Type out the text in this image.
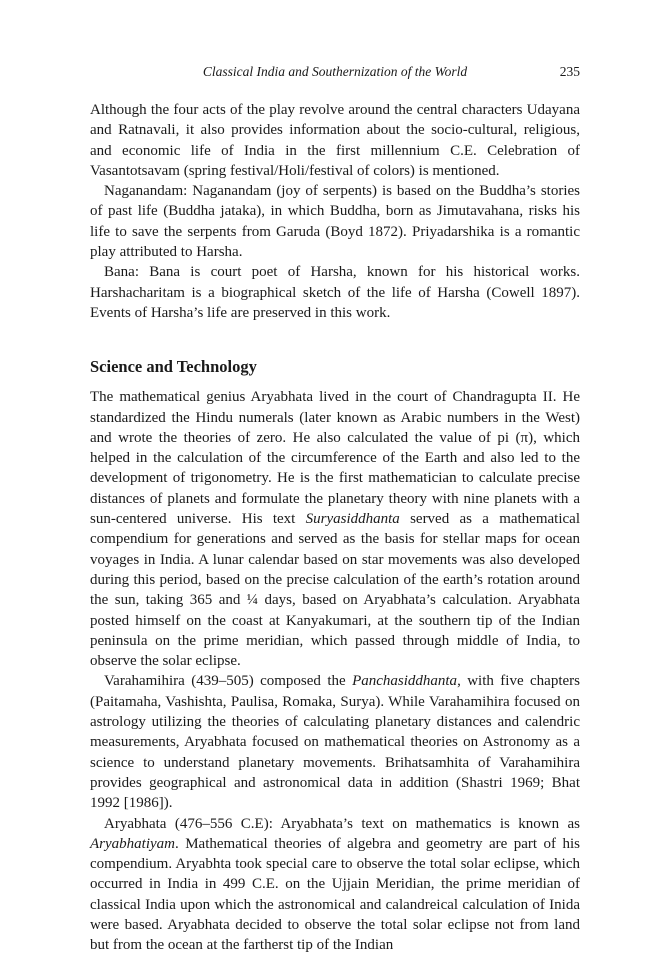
Classical India and Southernization of the World	235

Although the four acts of the play revolve around the central characters Udayana and Ratnavali, it also provides information about the socio-cultural, religious, and economic life of India in the first millennium C.E. Celebration of Vasantotsavam (spring festival/Holi/festival of colors) is mentioned.

Naganandam: Naganandam (joy of serpents) is based on the Buddha’s stories of past life (Buddha jataka), in which Buddha, born as Jimutavahana, risks his life to save the serpents from Garuda (Boyd 1872). Priyadarshika is a romantic play attributed to Harsha.

Bana: Bana is court poet of Harsha, known for his historical works. Harshacharitam is a biographical sketch of the life of Harsha (Cowell 1897). Events of Harsha’s life are preserved in this work.

Science and Technology

The mathematical genius Aryabhata lived in the court of Chandragupta II. He standardized the Hindu numerals (later known as Arabic numbers in the West) and wrote the theories of zero. He also calculated the value of pi (π), which helped in the calculation of the circumference of the Earth and also led to the development of trigonometry. He is the first mathematician to calculate precise distances of planets and formulate the planetary theory with nine planets with a sun-centered universe. His text Suryasiddhanta served as a mathematical compendium for generations and served as the basis for stellar maps for ocean voyages in India. A lunar calendar based on star movements was also developed during this period, based on the precise calculation of the earth’s rotation around the sun, taking 365 and ¼ days, based on Aryabhata’s calculation. Aryabhata posted himself on the coast at Kanyakumari, at the southern tip of the Indian peninsula on the prime meridian, which passed through middle of India, to observe the solar eclipse.

Varahamihira (439–505) composed the Panchasiddhanta, with five chapters (Paitamaha, Vashishta, Paulisa, Romaka, Surya). While Varahamihira focused on astrology utilizing the theories of calculating planetary distances and calendric measurements, Aryabhata focused on mathematical theories on Astronomy as a science to understand planetary movements. Brihatsamhita of Varahamihira provides geographical and astronomical data in addition (Shastri 1969; Bhat 1992 [1986]).

Aryabhata (476–556 C.E): Aryabhata’s text on mathematics is known as Aryabhatiyam. Mathematical theories of algebra and geometry are part of his compendium. Aryabhta took special care to observe the total solar eclipse, which occurred in India in 499 C.E. on the Ujjain Meridian, the prime meridian of classical India upon which the astronomical and calandreical calculation of Inida were based. Aryabhata decided to observe the total solar eclipse not from land but from the ocean at the fartherst tip of the Indian
